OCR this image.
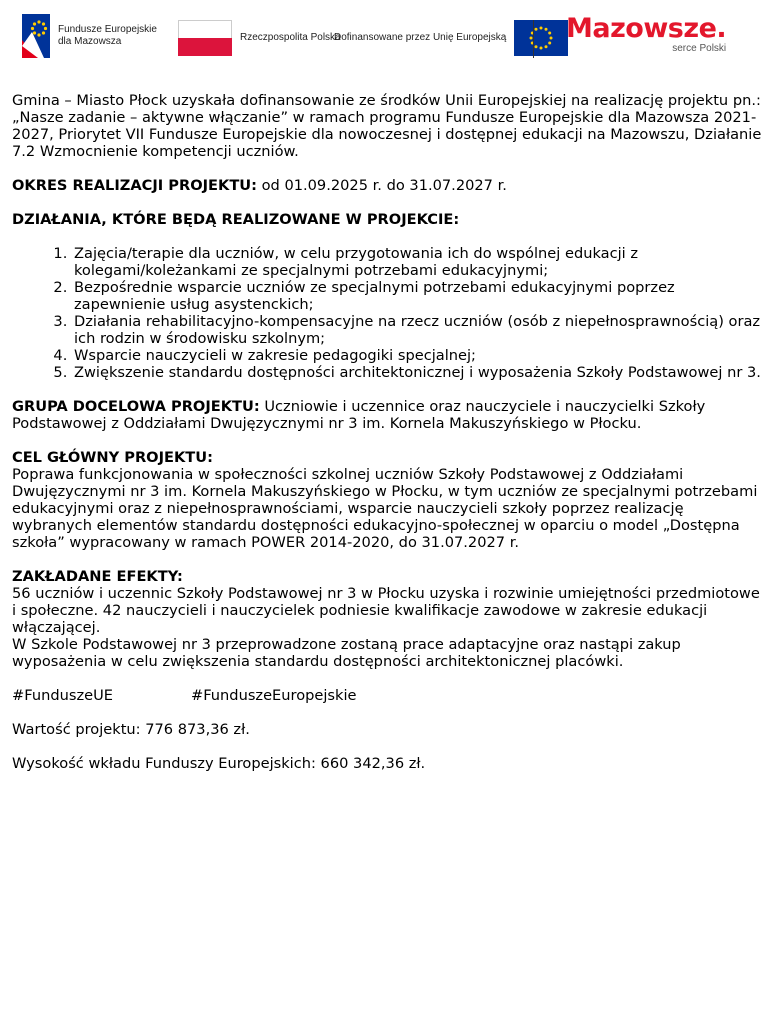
Fundusze Europejskie dla Mazowsza	Rzeczpospolita Polska
Dofinansowane przez Unię Europejską Mazowsze.
serce Polski

Gmina – Miasto Płock uzyskała dofinansowanie ze środków Unii Europejskiej na realizację projektu pn.: „Nasze zadanie – aktywne włączanie” w ramach programu Fundusze Europejskie dla Mazowsza 2021-2027, Priorytet VII Fundusze Europejskie dla nowoczesnej i dostępnej edukacji na Mazowszu, Działanie 7.2 Wzmocnienie kompetencji uczniów.

OKRES REALIZACJI PROJEKTU: od 01.09.2025 r. do 31.07.2027 r.

DZIAŁANIA, KTÓRE BĘDĄ REALIZOWANE W PROJEKCIE:

1. Zajęcia/terapie dla uczniów, w celu przygotowania ich do wspólnej edukacji z kolegami/koleżankami ze specjalnymi potrzebami edukacyjnymi;
2. Bezpośrednie wsparcie uczniów ze specjalnymi potrzebami edukacyjnymi poprzez zapewnienie usług asystenckich;
3. Działania rehabilitacyjno-kompensacyjne na rzecz uczniów (osób z niepełnosprawnością) oraz ich rodzin w środowisku szkolnym;
4. Wsparcie nauczycieli w zakresie pedagogiki specjalnej;
5. Zwiększenie standardu dostępności architektonicznej i wyposażenia Szkoły Podstawowej nr 3.

GRUPA DOCELOWA PROJEKTU: Uczniowie i uczennice oraz nauczyciele i nauczycielki Szkoły Podstawowej z Oddziałami Dwujęzycznymi nr 3 im. Kornela Makuszyńskiego w Płocku.

CEL GŁÓWNY PROJEKTU:
Poprawa funkcjonowania w społeczności szkolnej uczniów Szkoły Podstawowej z Oddziałami Dwujęzycznymi nr 3 im. Kornela Makuszyńskiego w Płocku, w tym uczniów ze specjalnymi potrzebami edukacyjnymi oraz z niepełnosprawnościami, wsparcie nauczycieli szkoły poprzez realizację wybranych elementów standardu dostępności edukacyjno-społecznej w oparciu o model „Dostępna szkoła” wypracowany w ramach POWER 2014-2020, do 31.07.2027 r.

ZAKŁADANE EFEKTY:
56 uczniów i uczennic Szkoły Podstawowej nr 3 w Płocku uzyska i rozwinie umiejętności przedmiotowe i społeczne. 42 nauczycieli i nauczycielek podniesie kwalifikacje zawodowe w zakresie edukacji włączającej.
W Szkole Podstawowej nr 3 przeprowadzone zostaną prace adaptacyjne oraz nastąpi zakup wyposażenia w celu zwiększenia standardu dostępności architektonicznej placówki.

#FunduszeUE	#FunduszeEuropejskie

Wartość projektu: 776 873,36 zł.

Wysokość wkładu Funduszy Europejskich: 660 342,36 zł.
